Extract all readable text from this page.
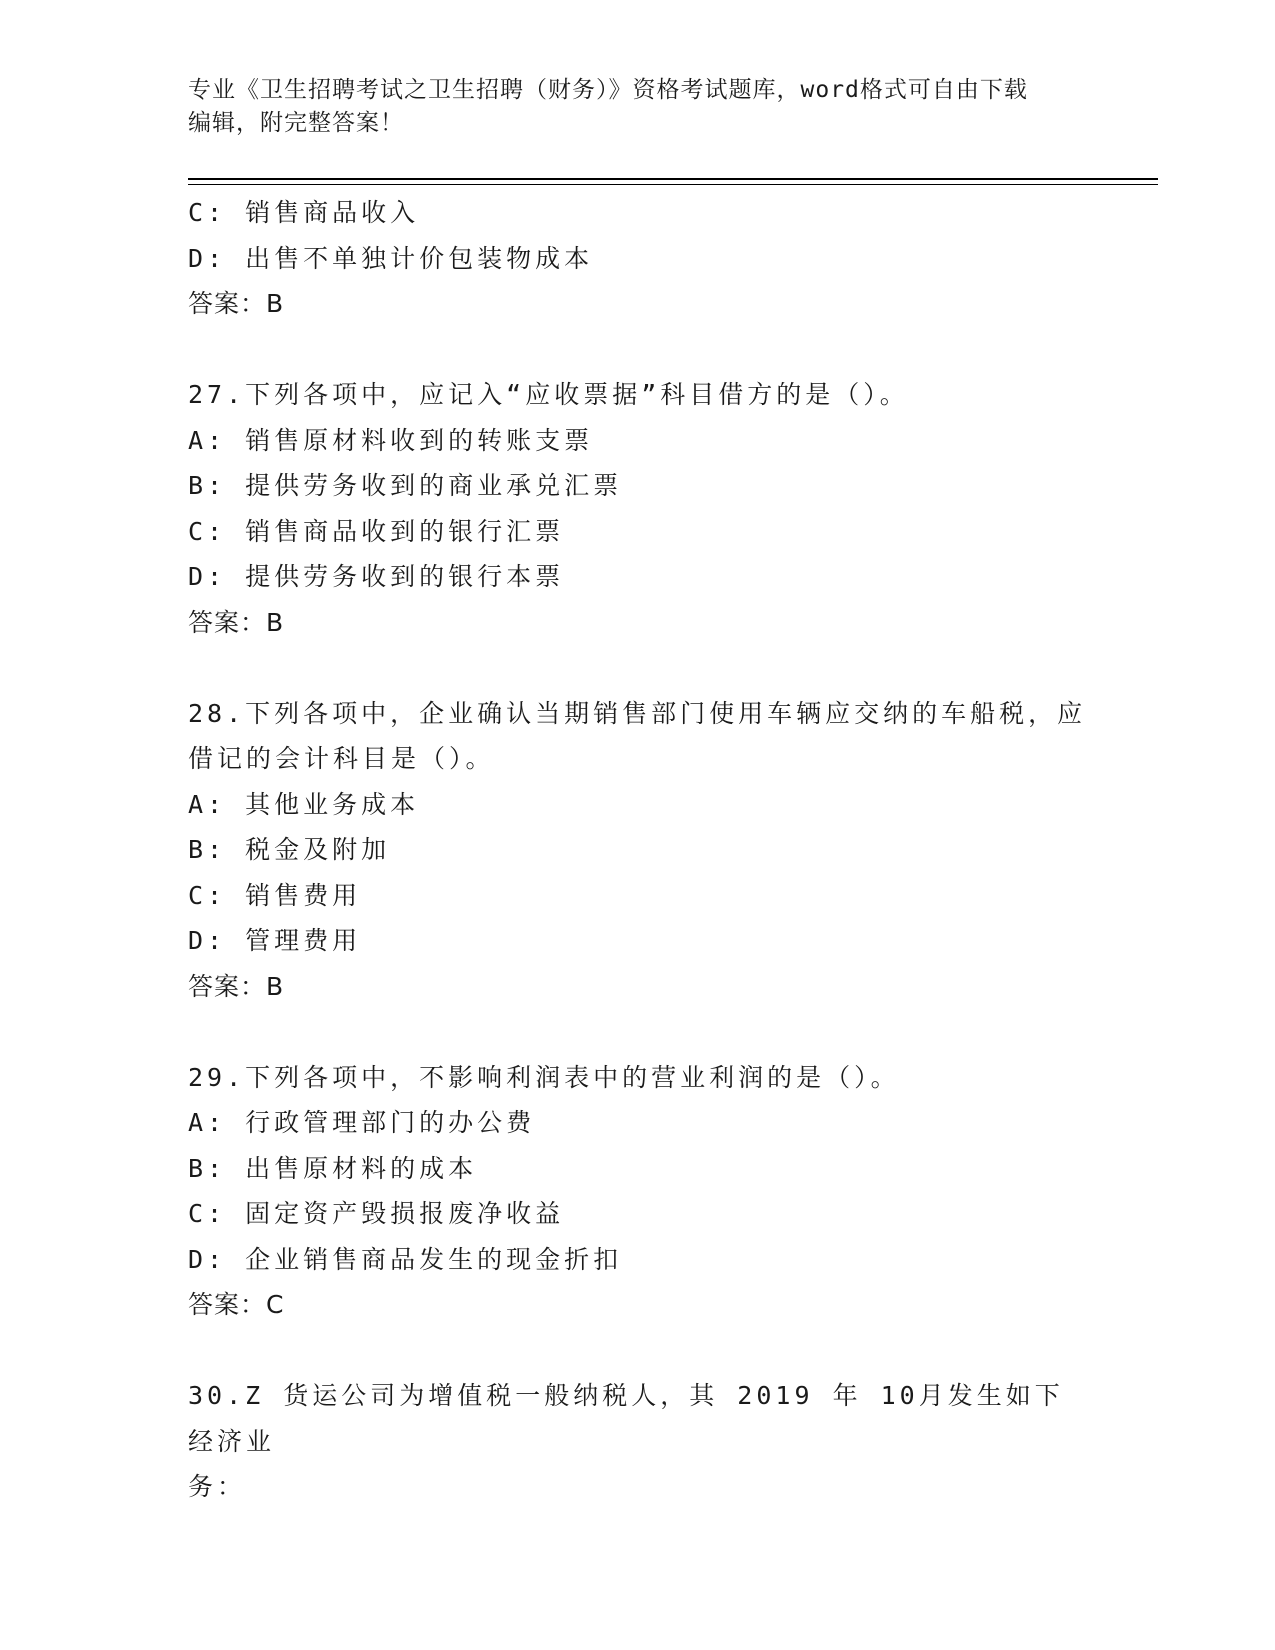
专业《卫生招聘考试之卫生招聘（财务）》资格考试题库，word格式可自由下载
编辑，附完整答案！
C: 销售商品收入
D: 出售不单独计价包装物成本
答案：B
27.下列各项中，应记入“应收票据”科目借方的是（）。
A: 销售原材料收到的转账支票
B: 提供劳务收到的商业承兑汇票
C: 销售商品收到的银行汇票
D: 提供劳务收到的银行本票
答案：B
28.下列各项中，企业确认当期销售部门使用车辆应交纳的车船税，应
借记的会计科目是（）。
A: 其他业务成本
B: 税金及附加
C: 销售费用
D: 管理费用
答案：B
29.下列各项中，不影响利润表中的营业利润的是（）。
A: 行政管理部门的办公费
B: 出售原材料的成本
C: 固定资产毁损报废净收益
D: 企业销售商品发生的现金折扣
答案：C
30.Z 货运公司为增值税一般纳税人，其 2019 年 10月发生如下经济业
务：
